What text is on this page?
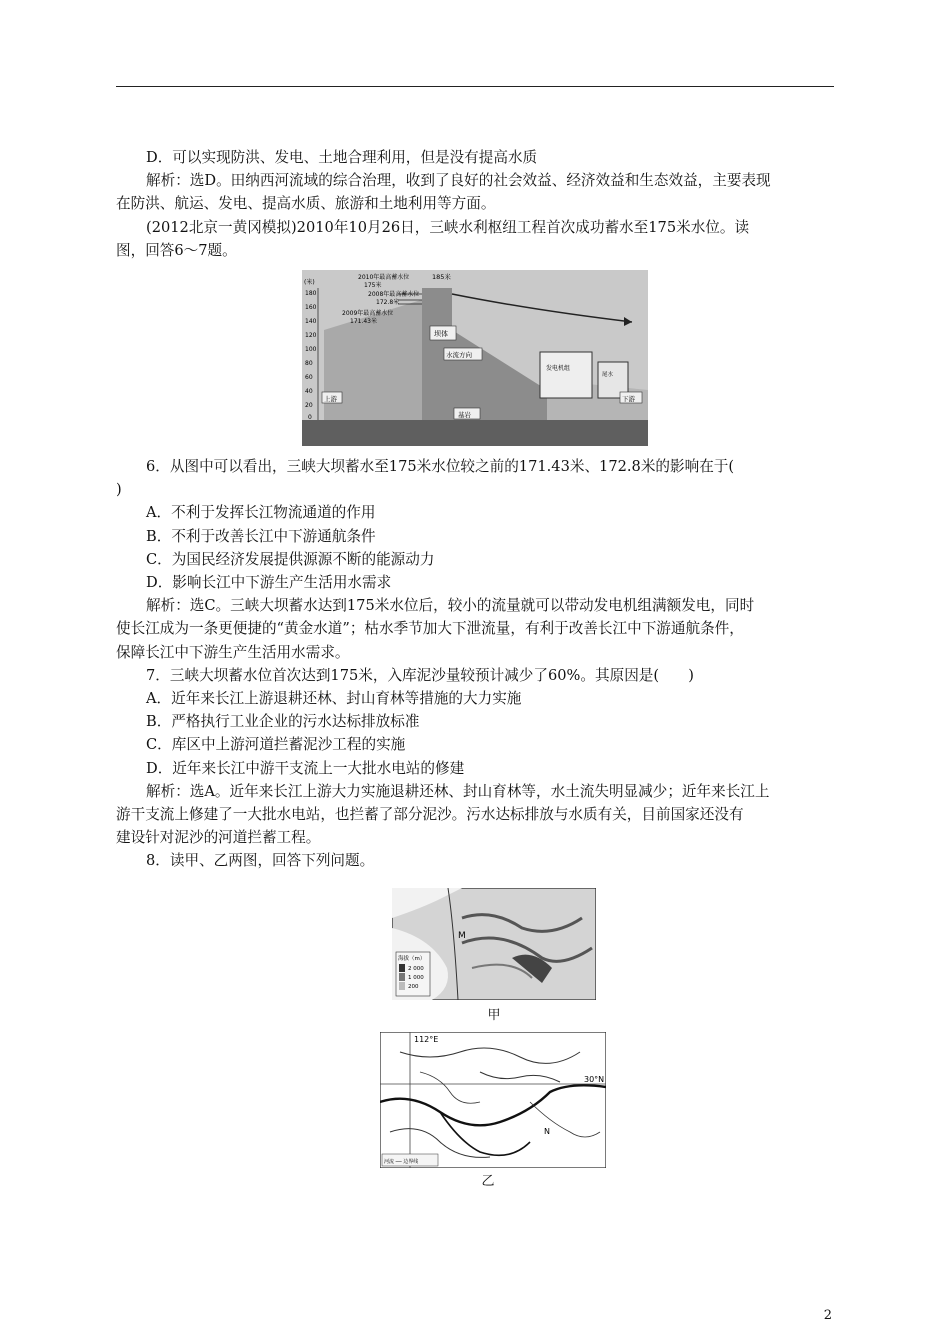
D．可以实现防洪、发电、土地合理利用，但是没有提高水质

解析：选D。田纳西河流域的综合治理，收到了良好的社会效益、经济效益和生态效益，主要表现

在防洪、航运、发电、提高水质、旅游和土地利用等方面。

(2012北京一黄冈模拟)2010年10月26日，三峡水利枢纽工程首次成功蓄水至175米水位。读

图，回答6～7题。

(米)
180
160
140
120
100
80
60
40
20
0
2010年最高蓄水位
175米
185米
2008年最高蓄水位
172.8米
2009年最高蓄水位
171.43米
坝体
水流方向
发电机组
上游	下游
基岩
尾水

6．从图中可以看出，三峡大坝蓄水至175米水位较之前的171.43米、172.8米的影响在于(

)

A．不利于发挥长江物流通道的作用

B．不利于改善长江中下游通航条件

C．为国民经济发展提供源源不断的能源动力

D．影响长江中下游生产生活用水需求

解析：选C。三峡大坝蓄水达到175米水位后，较小的流量就可以带动发电机组满额发电，同时

使长江成为一条更便捷的“黄金水道”；枯水季节加大下泄流量，有利于改善长江中下游通航条件，

保障长江中下游生产生活用水需求。

7．三峡大坝蓄水位首次达到175米，入库泥沙量较预计减少了60%。其原因是(　　)

A．近年来长江上游退耕还林、封山育林等措施的大力实施

B．严格执行工业企业的污水达标排放标准

C．库区中上游河道拦蓄泥沙工程的实施

D．近年来长江中游干支流上一大批水电站的修建

解析：选A。近年来长江上游大力实施退耕还林、封山育林等，水土流失明显减少；近年来长江上

游干支流上修建了一大批水电站，也拦蓄了部分泥沙。污水达标排放与水质有关，目前国家还没有

建设针对泥沙的河道拦蓄工程。

8．读甲、乙两图，回答下列问题。

M
海拔（m）
2 000
1 000
200
甲
112°E
30°N
N
河流 ── 边界线
乙
2
